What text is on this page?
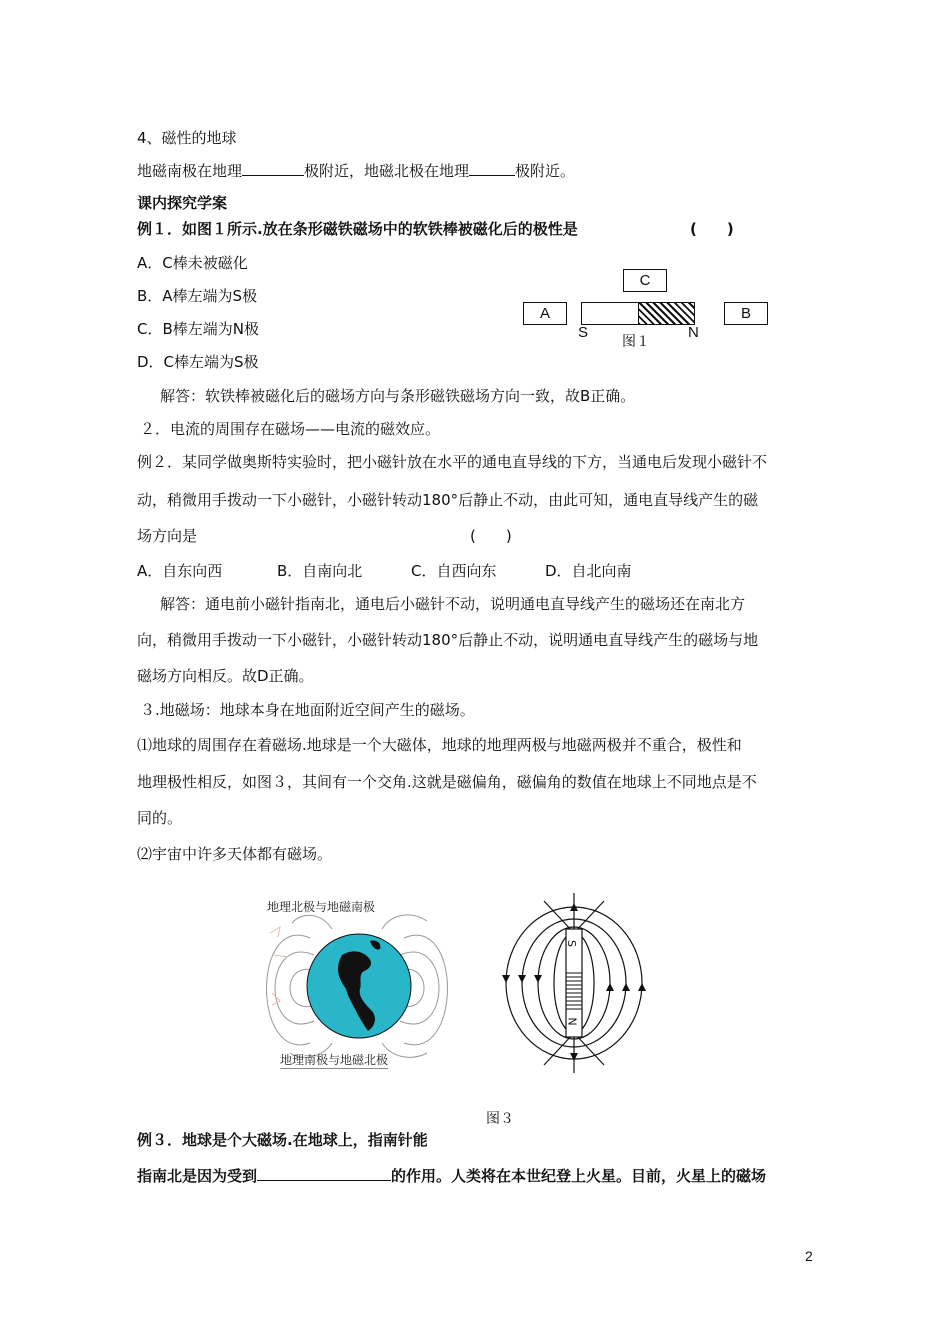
4、磁性的地球
地磁南极在地理	极附近，地磁北极在地理	极附近。
课内探究学案
例１．如图１所示.放在条形磁铁磁场中的软铁棒被磁化后的极性是	(　　)
A．C棒未被磁化
B．A棒左端为S极
C．B棒左端为N极
D．C棒左端为S极
A
C
B
S	N
图１
解答：软铁棒被磁化后的磁场方向与条形磁铁磁场方向一致，故B正确。
２．电流的周围存在磁场——电流的磁效应。
例２．某同学做奥斯特实验时，把小磁针放在水平的通电直导线的下方，当通电后发现小磁针不
动，稍微用手拨动一下小磁针，小磁针转动180°后静止不动，由此可知，通电直导线产生的磁
场方向是	(　　)
A．自东向西	B．自南向北	C．自西向东	D．自北向南
解答：通电前小磁针指南北，通电后小磁针不动，说明通电直导线产生的磁场还在南北方
向，稍微用手拨动一下小磁针，小磁针转动180°后静止不动，说明通电直导线产生的磁场与地
磁场方向相反。故D正确。
３.地磁场：地球本身在地面附近空间产生的磁场。
⑴地球的周围存在着磁场.地球是一个大磁体，地球的地理两极与地磁两极并不重合，极性和
地理极性相反，如图３，其间有一个交角.这就是磁偏角，磁偏角的数值在地球上不同地点是不
同的。
⑵宇宙中许多天体都有磁场。
地理北极与地磁南极
地理南极与地磁北极
S
N
图３
例３．地球是个大磁场.在地球上，指南针能
指南北是因为受到	的作用。人类将在本世纪登上火星。目前，火星上的磁场
2
